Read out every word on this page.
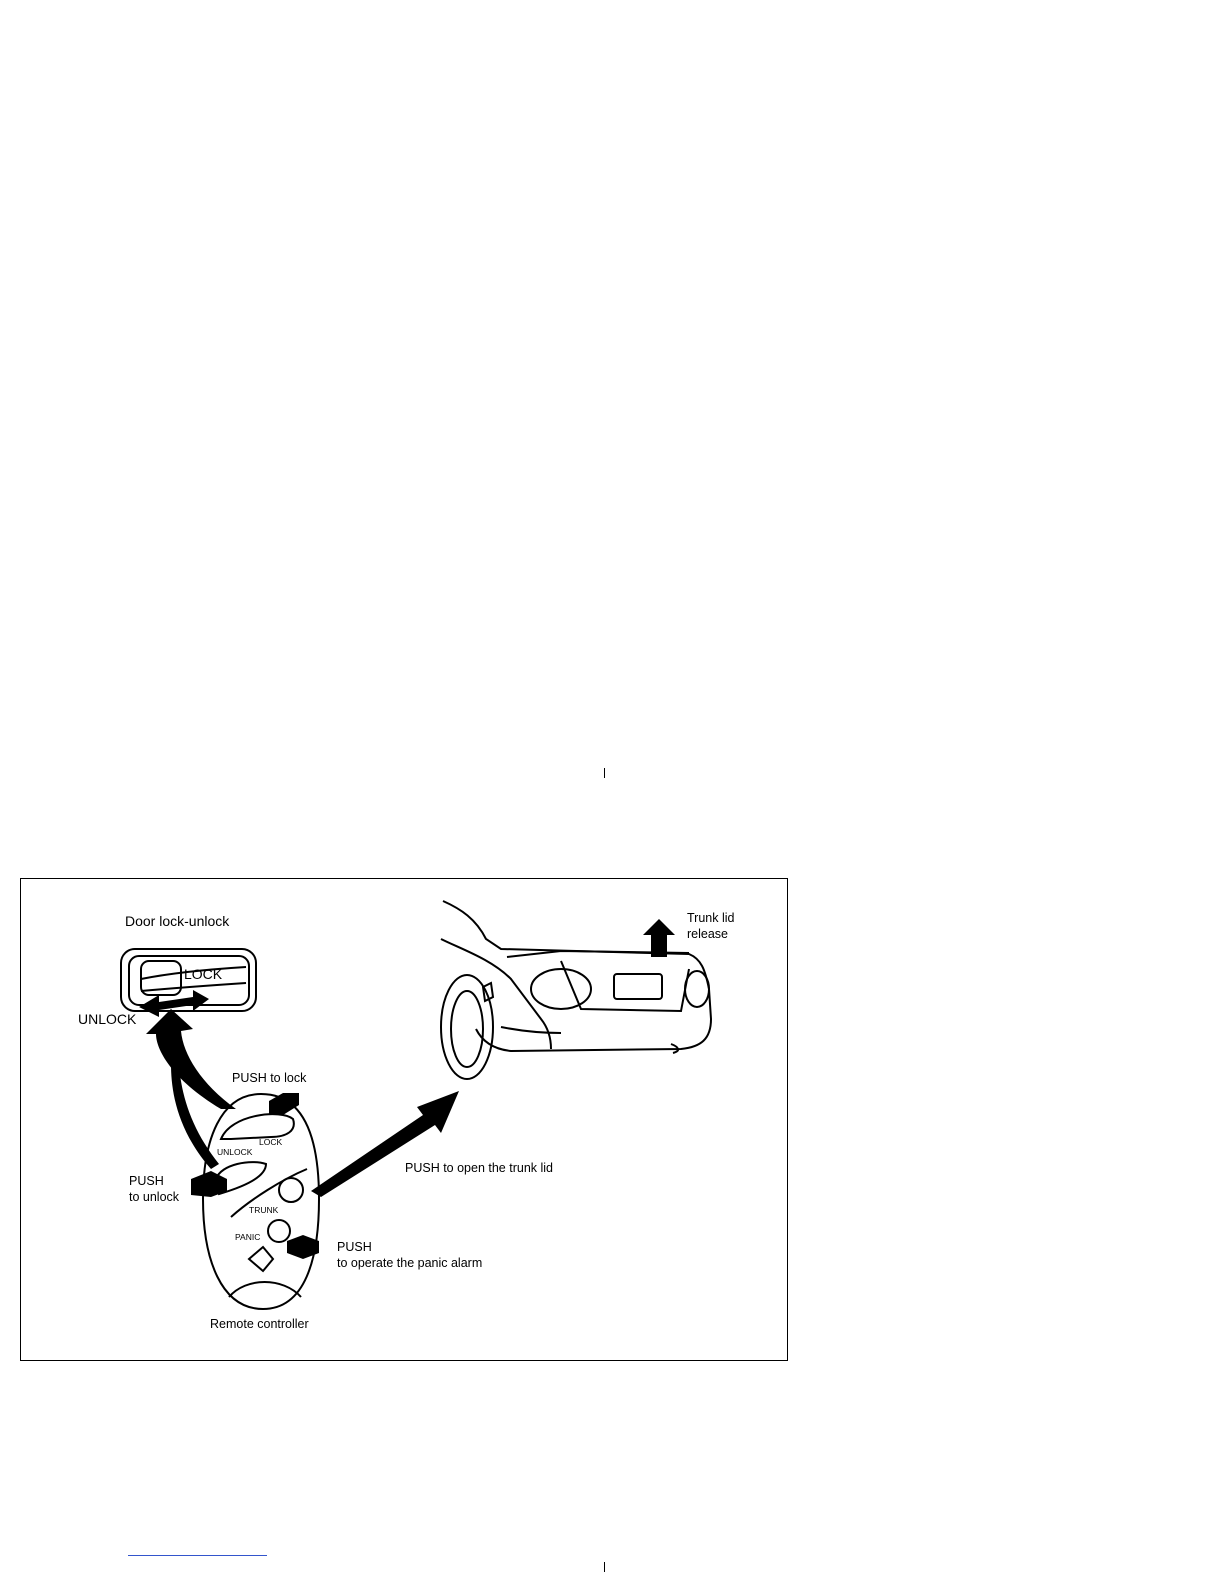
Door lock-unlock
LOCK
UNLOCK
PUSH to lock
LOCK
UNLOCK
PUSH
to unlock
PUSH to open the trunk lid
TRUNK
PANIC
PUSH
to operate the panic alarm
Remote controller
Trunk lid
release
